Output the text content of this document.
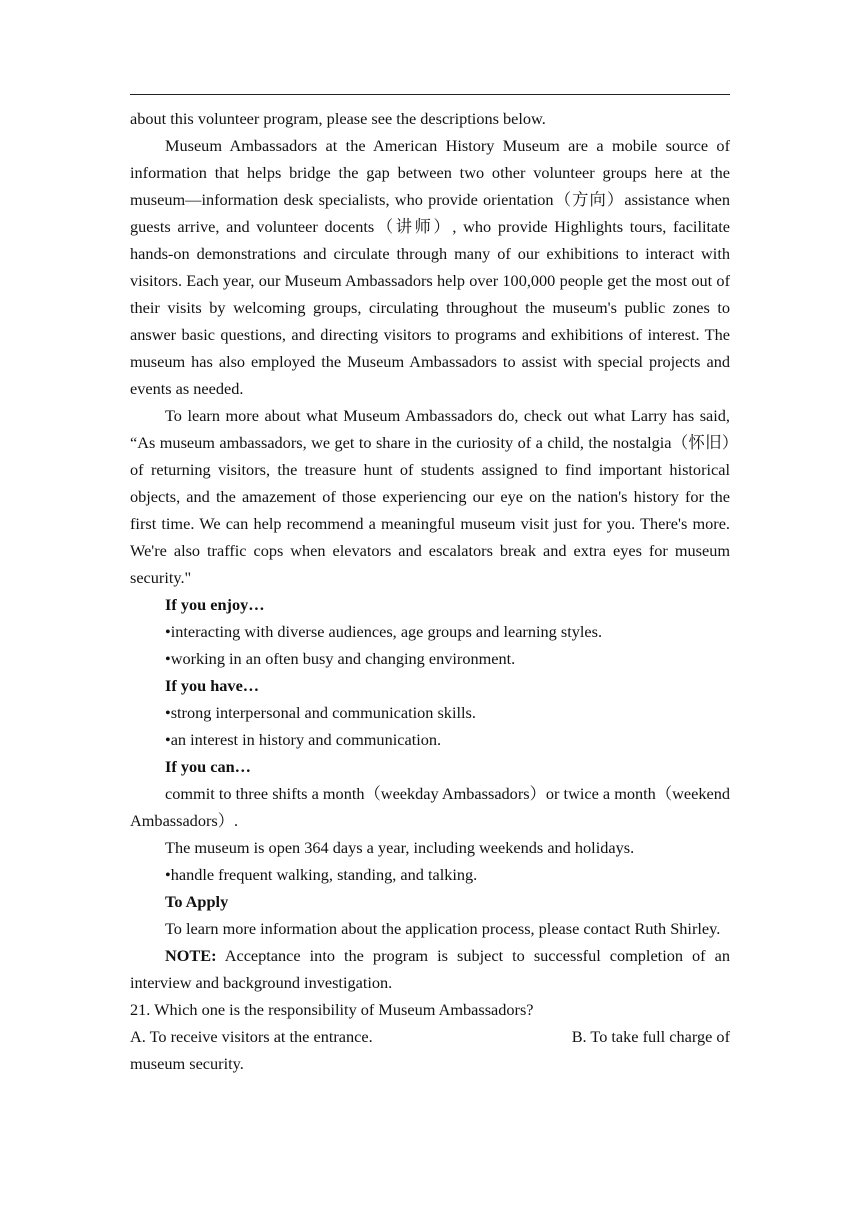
about this volunteer program, please see the descriptions below.

Museum Ambassadors at the American History Museum are a mobile source of information that helps bridge the gap between two other volunteer groups here at the museum—information desk specialists, who provide orientation（方向）assistance when guests arrive, and volunteer docents（讲师）, who provide Highlights tours, facilitate hands-on demonstrations and circulate through many of our exhibitions to interact with visitors. Each year, our Museum Ambassadors help over 100,000 people get the most out of their visits by welcoming groups, circulating throughout the museum's public zones to answer basic questions, and directing visitors to programs and exhibitions of interest. The museum has also employed the Museum Ambassadors to assist with special projects and events as needed.

To learn more about what Museum Ambassadors do, check out what Larry has said, “As museum ambassadors, we get to share in the curiosity of a child, the nostalgia（怀旧）of returning visitors, the treasure hunt of students assigned to find important historical objects, and the amazement of those experiencing our eye on the nation's history for the first time. We can help recommend a meaningful museum visit just for you. There's more. We're also traffic cops when elevators and escalators break and extra eyes for museum security."

If you enjoy…

•interacting with diverse audiences, age groups and learning styles.

•working in an often busy and changing environment.

If you have…

•strong interpersonal and communication skills.

•an interest in history and communication.

If you can…

commit to three shifts a month（weekday Ambassadors）or twice a month（weekend Ambassadors）.

The museum is open 364 days a year, including weekends and holidays.

•handle frequent walking, standing, and talking.

To Apply

To learn more information about the application process, please contact Ruth Shirley.

NOTE: Acceptance into the program is subject to successful completion of an interview and background investigation.

21. Which one is the responsibility of Museum Ambassadors?

A. To receive visitors at the entrance.	B. To take full charge of

museum security.
